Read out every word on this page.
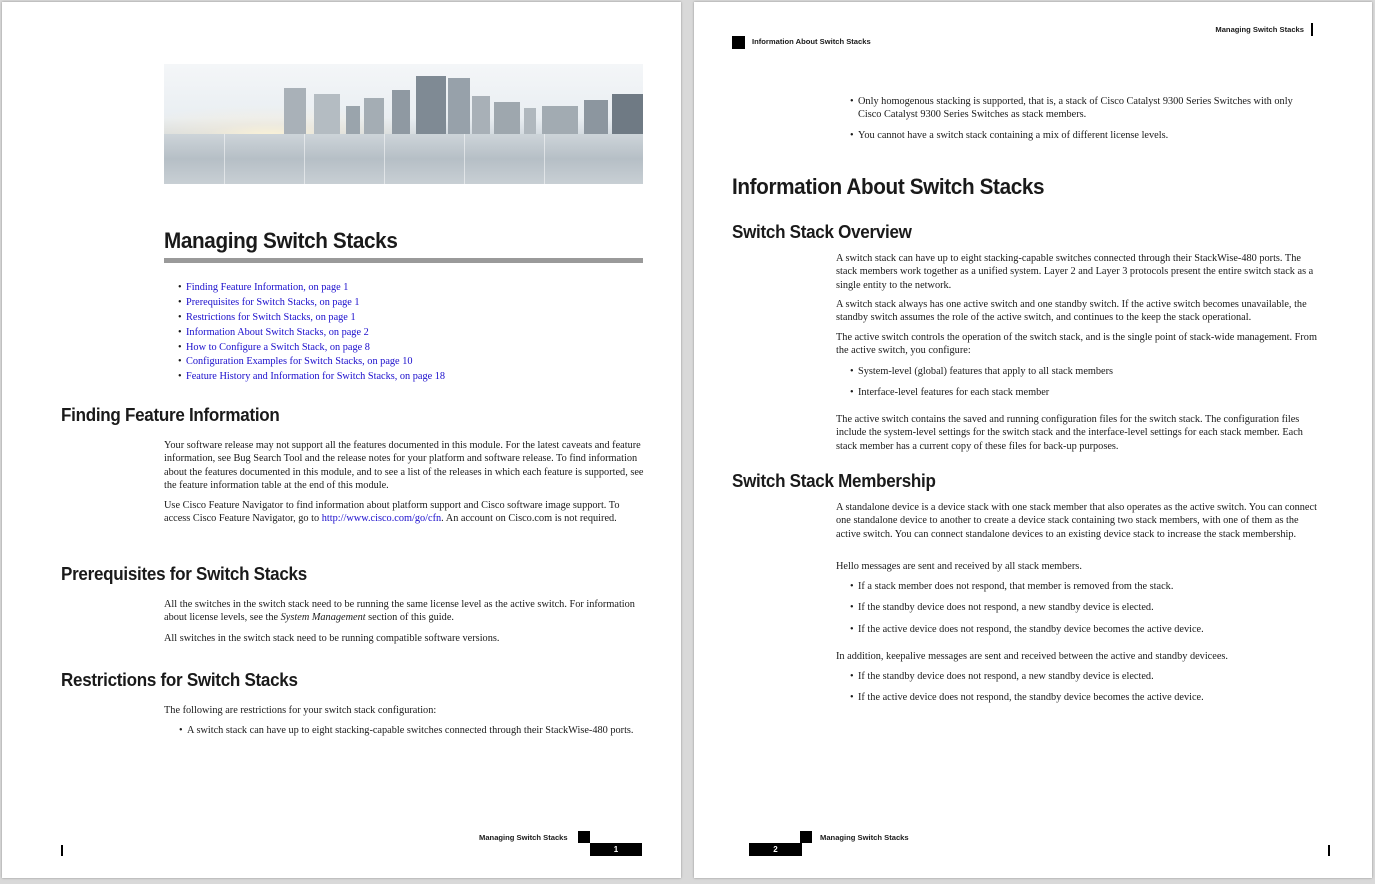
Managing Switch Stacks
• Finding Feature Information, on page 1
• Prerequisites for Switch Stacks, on page 1
• Restrictions for Switch Stacks, on page 1
• Information About Switch Stacks, on page 2
• How to Configure a Switch Stack, on page 8
• Configuration Examples for Switch Stacks, on page 10
• Feature History and Information for Switch Stacks, on page 18
Finding Feature Information

Your software release may not support all the features documented in this module. For the latest caveats and feature information, see Bug Search Tool and the release notes for your platform and software release. To find information about the features documented in this module, and to see a list of the releases in which each feature is supported, see the feature information table at the end of this module.

Use Cisco Feature Navigator to find information about platform support and Cisco software image support. To access Cisco Feature Navigator, go to http://www.cisco.com/go/cfn. An account on Cisco.com is not required.

Prerequisites for Switch Stacks

All the switches in the switch stack need to be running the same license level as the active switch. For information about license levels, see the System Management section of this guide.

All switches in the switch stack need to be running compatible software versions.

Restrictions for Switch Stacks

The following are restrictions for your switch stack configuration:

• A switch stack can have up to eight stacking-capable switches connected through their StackWise-480 ports.
Managing Switch Stacks
1
Managing Switch Stacks
Information About Switch Stacks
• Only homogenous stacking is supported, that is, a stack of Cisco Catalyst 9300 Series Switches with only Cisco Catalyst 9300 Series Switches as stack members.
• You cannot have a switch stack containing a mix of different license levels.
Information About Switch Stacks
Switch Stack Overview

A switch stack can have up to eight stacking-capable switches connected through their StackWise-480 ports. The stack members work together as a unified system. Layer 2 and Layer 3 protocols present the entire switch stack as a single entity to the network.

A switch stack always has one active switch and one standby switch. If the active switch becomes unavailable, the standby switch assumes the role of the active switch, and continues to the keep the stack operational.

The active switch controls the operation of the switch stack, and is the single point of stack-wide management. From the active switch, you configure:

• System-level (global) features that apply to all stack members
• Interface-level features for each stack member

The active switch contains the saved and running configuration files for the switch stack. The configuration files include the system-level settings for the switch stack and the interface-level settings for each stack member. Each stack member has a current copy of these files for back-up purposes.

Switch Stack Membership

A standalone device is a device stack with one stack member that also operates as the active switch. You can connect one standalone device to another to create a device stack containing two stack members, with one of them as the active switch. You can connect standalone devices to an existing device stack to increase the stack membership.

Hello messages are sent and received by all stack members.

• If a stack member does not respond, that member is removed from the stack.
• If the standby device does not respond, a new standby device is elected.
• If the active device does not respond, the standby device becomes the active device.

In addition, keepalive messages are sent and received between the active and standby devicees.

• If the standby device does not respond, a new standby device is elected.
• If the active device does not respond, the standby device becomes the active device.
2
Managing Switch Stacks
